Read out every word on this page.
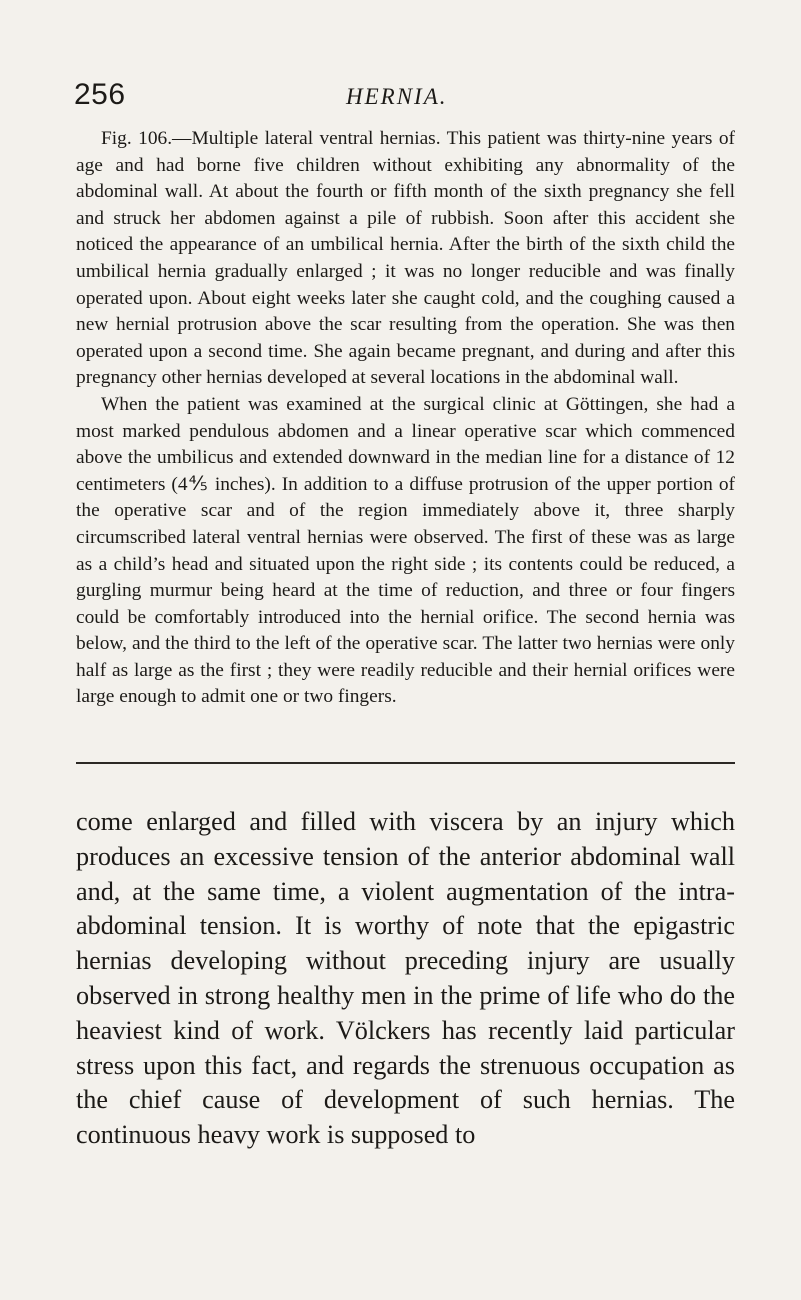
256	HERNIA.

Fig. 106.—Multiple lateral ventral hernias. This patient was thirty-nine years of age and had borne five children without exhibiting any abnormality of the abdominal wall. At about the fourth or fifth month of the sixth pregnancy she fell and struck her abdomen against a pile of rubbish. Soon after this accident she noticed the appearance of an umbilical hernia. After the birth of the sixth child the umbilical hernia gradually enlarged ; it was no longer reducible and was finally operated upon. About eight weeks later she caught cold, and the coughing caused a new hernial protrusion above the scar resulting from the operation. She was then operated upon a second time. She again became pregnant, and during and after this pregnancy other hernias developed at several locations in the abdominal wall.

When the patient was examined at the surgical clinic at Göttingen, she had a most marked pendulous abdomen and a linear operative scar which commenced above the umbilicus and extended downward in the median line for a distance of 12 centimeters (4⅘ inches). In addition to a diffuse protrusion of the upper portion of the operative scar and of the region immediately above it, three sharply circumscribed lateral ventral hernias were observed. The first of these was as large as a child’s head and situated upon the right side ; its contents could be reduced, a gurgling murmur being heard at the time of reduction, and three or four fingers could be comfortably introduced into the hernial orifice. The second hernia was below, and the third to the left of the operative scar. The latter two hernias were only half as large as the first ; they were readily reducible and their hernial orifices were large enough to admit one or two fingers.

come enlarged and filled with viscera by an injury which produces an excessive tension of the anterior abdominal wall and, at the same time, a violent augmentation of the intra-abdominal tension. It is worthy of note that the epigastric hernias developing without preceding injury are usually observed in strong healthy men in the prime of life who do the heaviest kind of work. Völckers has recently laid particular stress upon this fact, and regards the strenuous occupation as the chief cause of development of such hernias. The continuous heavy work is supposed to
